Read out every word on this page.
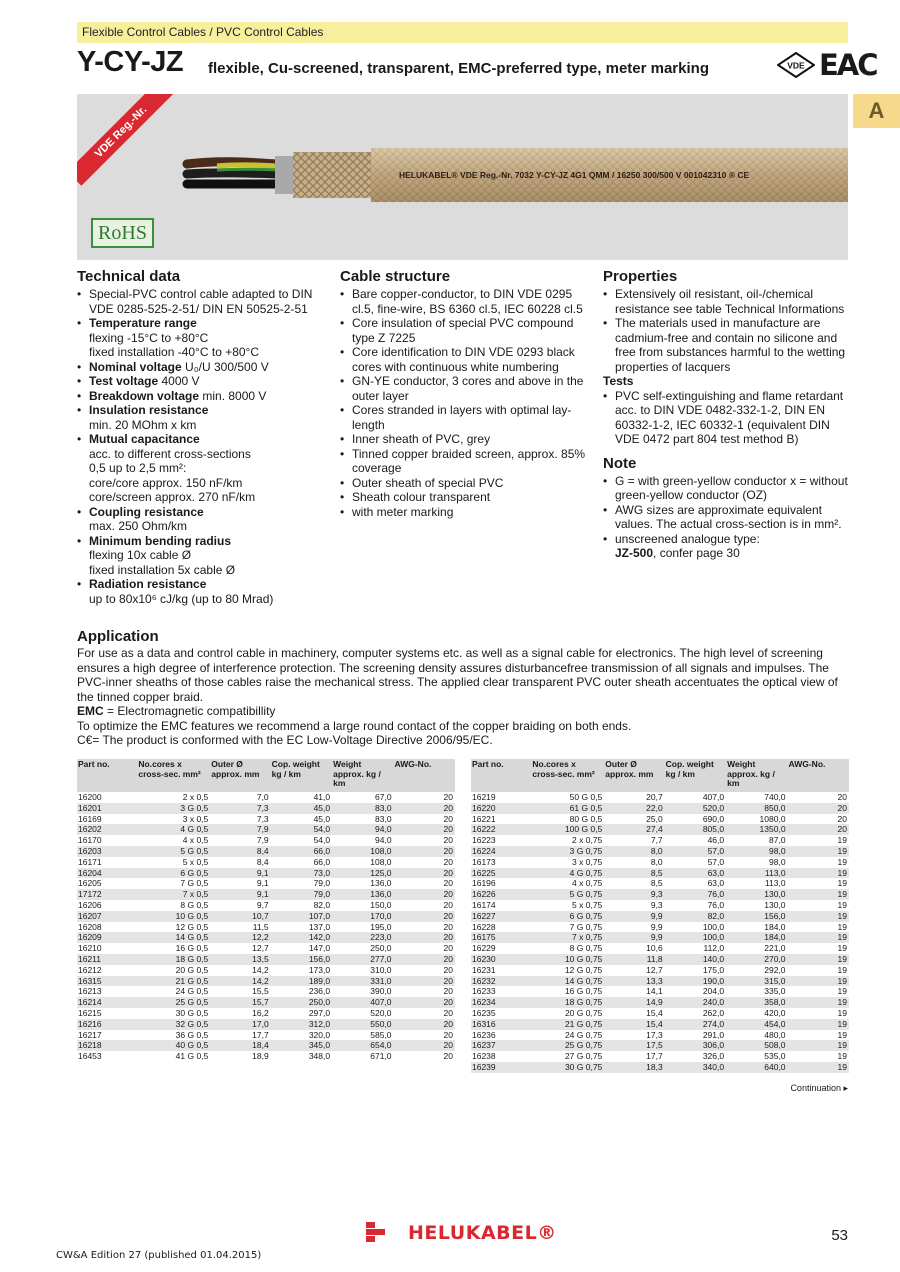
Flexible Control Cables / PVC Control Cables
Y-CY-JZ flexible, Cu-screened, transparent, EMC-preferred type, meter marking	VDE EAC
A
HELUKABEL® VDE Reg.-Nr. 7032 Y-CY-JZ 4G1 QMM / 16250 300/500 V 001042310 ® CE
VDE Reg.-Nr.
RoHS
Technical data
• Special-PVC control cable adapted to DIN VDE 0285-525-2-51/ DIN EN 50525-2-51
• Temperature range
flexing -15°C to +80°C
fixed installation -40°C to +80°C
• Nominal voltage U₀/U 300/500 V
• Test voltage 4000 V
• Breakdown voltage min. 8000 V
• Insulation resistance
min. 20 MOhm x km
• Mutual capacitance
acc. to different cross-sections
0,5 up to 2,5 mm²:
core/core approx. 150 nF/km
core/screen approx. 270 nF/km
• Coupling resistance
max. 250 Ohm/km
• Minimum bending radius
flexing 10x cable Ø
fixed installation 5x cable Ø
• Radiation resistance
up to 80x10⁶ cJ/kg (up to 80 Mrad)
Cable structure
• Bare copper-conductor, to DIN VDE 0295 cl.5, fine-wire, BS 6360 cl.5, IEC 60228 cl.5
• Core insulation of special PVC compound type Z 7225
• Core identification to DIN VDE 0293 black cores with continuous white numbering
• GN-YE conductor, 3 cores and above in the outer layer
• Cores stranded in layers with optimal lay-length
• Inner sheath of PVC, grey
• Tinned copper braided screen, approx. 85% coverage
• Outer sheath of special PVC
• Sheath colour transparent
• with meter marking
Properties
• Extensively oil resistant, oil-/chemical resistance see table Technical Informations
• The materials used in manufacture are cadmium-free and contain no silicone and free from substances harmful to the wetting properties of lacquers
Tests
• PVC self-extinguishing and flame retardant acc. to DIN VDE 0482-332-1-2, DIN EN 60332-1-2, IEC 60332-1 (equivalent DIN VDE 0472 part 804 test method B)
Note
• G = with green-yellow conductor x = without green-yellow conductor (OZ)
• AWG sizes are approximate equivalent values. The actual cross-section is in mm².
• unscreened analogue type:
JZ-500, confer page 30
Application
For use as a data and control cable in machinery, computer systems etc. as well as a signal cable for electronics. The high level of screening ensures a high degree of interference protection. The screening density assures disturbancefree transmission of all signals and impulses. The PVC-inner sheaths of those cables raise the mechanical stress. The applied clear transparent PVC outer sheath accentuates the optical view of the tinned copper braid.
EMC = Electromagnetic compatibillity
To optimize the EMC features we recommend a large round contact of the copper braiding on both ends.
C€= The product is conformed with the EC Low-Voltage Directive 2006/95/EC.
Part no.	No.cores x cross-sec. mm²	Outer Ø approx. mm	Cop. weight kg / km	Weight approx. kg / km	AWG-No.
16200	2 x 0,5	7,0	41,0	67,0	20
16201	3 G 0,5	7,3	45,0	83,0	20
16169	3 x 0,5	7,3	45,0	83,0	20
16202	4 G 0,5	7,9	54,0	94,0	20
16170	4 x 0,5	7,9	54,0	94,0	20
16203	5 G 0,5	8,4	66,0	108,0	20
16171	5 x 0,5	8,4	66,0	108,0	20
16204	6 G 0,5	9,1	73,0	125,0	20
16205	7 G 0,5	9,1	79,0	136,0	20
17172	7 x 0,5	9,1	79,0	136,0	20
16206	8 G 0,5	9,7	82,0	150,0	20
16207	10 G 0,5	10,7	107,0	170,0	20
16208	12 G 0,5	11,5	137,0	195,0	20
16209	14 G 0,5	12,2	142,0	223,0	20
16210	16 G 0,5	12,7	147,0	250,0	20
16211	18 G 0,5	13,5	156,0	277,0	20
16212	20 G 0,5	14,2	173,0	310,0	20
16315	21 G 0,5	14,2	189,0	331,0	20
16213	24 G 0,5	15,5	236,0	390,0	20
16214	25 G 0,5	15,7	250,0	407,0	20
16215	30 G 0,5	16,2	297,0	520,0	20
16216	32 G 0,5	17,0	312,0	550,0	20
16217	36 G 0,5	17,7	320,0	585,0	20
16218	40 G 0,5	18,4	345,0	654,0	20
16453	41 G 0,5	18,9	348,0	671,0	20
Part no.	No.cores x cross-sec. mm²	Outer Ø approx. mm	Cop. weight kg / km	Weight approx. kg / km	AWG-No.
16219	50 G 0,5	20,7	407,0	740,0	20
16220	61 G 0,5	22,0	520,0	850,0	20
16221	80 G 0,5	25,0	690,0	1080,0	20
16222	100 G 0,5	27,4	805,0	1350,0	20
16223	2 x 0,75	7,7	46,0	87,0	19
16224	3 G 0,75	8,0	57,0	98,0	19
16173	3 x 0,75	8,0	57,0	98,0	19
16225	4 G 0,75	8,5	63,0	113,0	19
16196	4 x 0,75	8,5	63,0	113,0	19
16226	5 G 0,75	9,3	76,0	130,0	19
16174	5 x 0,75	9,3	76,0	130,0	19
16227	6 G 0,75	9,9	82,0	156,0	19
16228	7 G 0,75	9,9	100,0	184,0	19
16175	7 x 0,75	9,9	100,0	184,0	19
16229	8 G 0,75	10,6	112,0	221,0	19
16230	10 G 0,75	11,8	140,0	270,0	19
16231	12 G 0,75	12,7	175,0	292,0	19
16232	14 G 0,75	13,3	190,0	315,0	19
16233	16 G 0,75	14,1	204,0	335,0	19
16234	18 G 0,75	14,9	240,0	358,0	19
16235	20 G 0,75	15,4	262,0	420,0	19
16316	21 G 0,75	15,4	274,0	454,0	19
16236	24 G 0,75	17,3	291,0	480,0	19
16237	25 G 0,75	17,5	306,0	508,0	19
16238	27 G 0,75	17,7	326,0	535,0	19
16239	30 G 0,75	18,3	340,0	640,0	19
Continuation ▸
HELUKABEL®	53
CW&A Edition 27 (published 01.04.2015)
